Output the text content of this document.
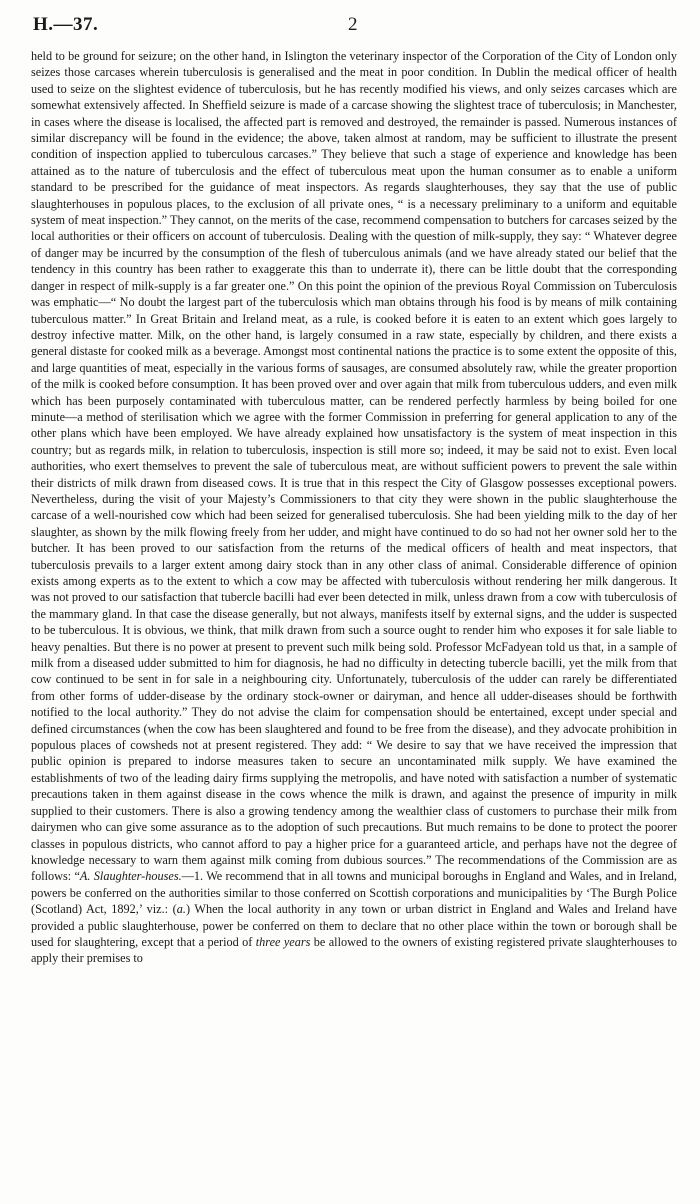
H.—37.	2

held to be ground for seizure; on the other hand, in Islington the veterinary inspector of the Corporation of the City of London only seizes those carcases wherein tuberculosis is generalised and the meat in poor condition. In Dublin the medical officer of health used to seize on the slightest evidence of tuberculosis, but he has recently modified his views, and only seizes carcases which are somewhat extensively affected. In Sheffield seizure is made of a carcase showing the slightest trace of tuberculosis; in Manchester, in cases where the disease is localised, the affected part is removed and destroyed, the remainder is passed. Numerous instances of similar discrepancy will be found in the evidence; the above, taken almost at random, may be sufficient to illustrate the present condition of inspection applied to tuberculous carcases.” They believe that such a stage of experience and knowledge has been attained as to the nature of tuberculosis and the effect of tuberculous meat upon the human consumer as to enable a uniform standard to be prescribed for the guidance of meat inspectors. As regards slaughterhouses, they say that the use of public slaughterhouses in populous places, to the exclusion of all private ones, “ is a necessary preliminary to a uniform and equitable system of meat inspection.” They cannot, on the merits of the case, recommend compensation to butchers for carcases seized by the local authorities or their officers on account of tuberculosis. Dealing with the question of milk-supply, they say: “ Whatever degree of danger may be incurred by the consumption of the flesh of tuberculous animals (and we have already stated our belief that the tendency in this country has been rather to exaggerate this than to underrate it), there can be little doubt that the corresponding danger in respect of milk-supply is a far greater one.” On this point the opinion of the previous Royal Commission on Tuberculosis was emphatic—“ No doubt the largest part of the tuberculosis which man obtains through his food is by means of milk containing tuberculous matter.” In Great Britain and Ireland meat, as a rule, is cooked before it is eaten to an extent which goes largely to destroy infective matter. Milk, on the other hand, is largely consumed in a raw state, especially by children, and there exists a general distaste for cooked milk as a beverage. Amongst most continental nations the practice is to some extent the opposite of this, and large quantities of meat, especially in the various forms of sausages, are consumed absolutely raw, while the greater proportion of the milk is cooked before consumption. It has been proved over and over again that milk from tuberculous udders, and even milk which has been purposely contaminated with tuberculous matter, can be rendered perfectly harmless by being boiled for one minute—a method of sterilisation which we agree with the former Commission in preferring for general application to any of the other plans which have been employed. We have already explained how unsatisfactory is the system of meat inspection in this country; but as regards milk, in relation to tuberculosis, inspection is still more so; indeed, it may be said not to exist. Even local authorities, who exert themselves to prevent the sale of tuberculous meat, are without sufficient powers to prevent the sale within their districts of milk drawn from diseased cows. It is true that in this respect the City of Glasgow possesses exceptional powers. Nevertheless, during the visit of your Majesty’s Commissioners to that city they were shown in the public slaughterhouse the carcase of a well-nourished cow which had been seized for generalised tuberculosis. She had been yielding milk to the day of her slaughter, as shown by the milk flowing freely from her udder, and might have continued to do so had not her owner sold her to the butcher. It has been proved to our satisfaction from the returns of the medical officers of health and meat inspectors, that tuberculosis prevails to a larger extent among dairy stock than in any other class of animal. Considerable difference of opinion exists among experts as to the extent to which a cow may be affected with tuberculosis without rendering her milk dangerous. It was not proved to our satisfaction that tubercle bacilli had ever been detected in milk, unless drawn from a cow with tuberculosis of the mammary gland. In that case the disease generally, but not always, manifests itself by external signs, and the udder is suspected to be tuberculous. It is obvious, we think, that milk drawn from such a source ought to render him who exposes it for sale liable to heavy penalties. But there is no power at present to prevent such milk being sold. Professor McFadyean told us that, in a sample of milk from a diseased udder submitted to him for diagnosis, he had no difficulty in detecting tubercle bacilli, yet the milk from that cow continued to be sent in for sale in a neighbouring city. Unfortunately, tuberculosis of the udder can rarely be differentiated from other forms of udder-disease by the ordinary stock-owner or dairyman, and hence all udder-diseases should be forthwith notified to the local authority.” They do not advise the claim for compensation should be entertained, except under special and defined circumstances (when the cow has been slaughtered and found to be free from the disease), and they advocate prohibition in populous places of cowsheds not at present registered. They add: “ We desire to say that we have received the impression that public opinion is prepared to indorse measures taken to secure an uncontaminated milk supply. We have examined the establishments of two of the leading dairy firms supplying the metropolis, and have noted with satisfaction a number of systematic precautions taken in them against disease in the cows whence the milk is drawn, and against the presence of impurity in milk supplied to their customers. There is also a growing tendency among the wealthier class of customers to purchase their milk from dairymen who can give some assurance as to the adoption of such precautions. But much remains to be done to protect the poorer classes in populous districts, who cannot afford to pay a higher price for a guaranteed article, and perhaps have not the degree of knowledge necessary to warn them against milk coming from dubious sources.” The recommendations of the Commission are as follows: “A. Slaughter-houses.—1. We recommend that in all towns and municipal boroughs in England and Wales, and in Ireland, powers be conferred on the authorities similar to those conferred on Scottish corporations and municipalities by ‘The Burgh Police (Scotland) Act, 1892,’ viz.: (a.) When the local authority in any town or urban district in England and Wales and Ireland have provided a public slaughterhouse, power be conferred on them to declare that no other place within the town or borough shall be used for slaughtering, except that a period of three years be allowed to the owners of existing registered private slaughterhouses to apply their premises to
